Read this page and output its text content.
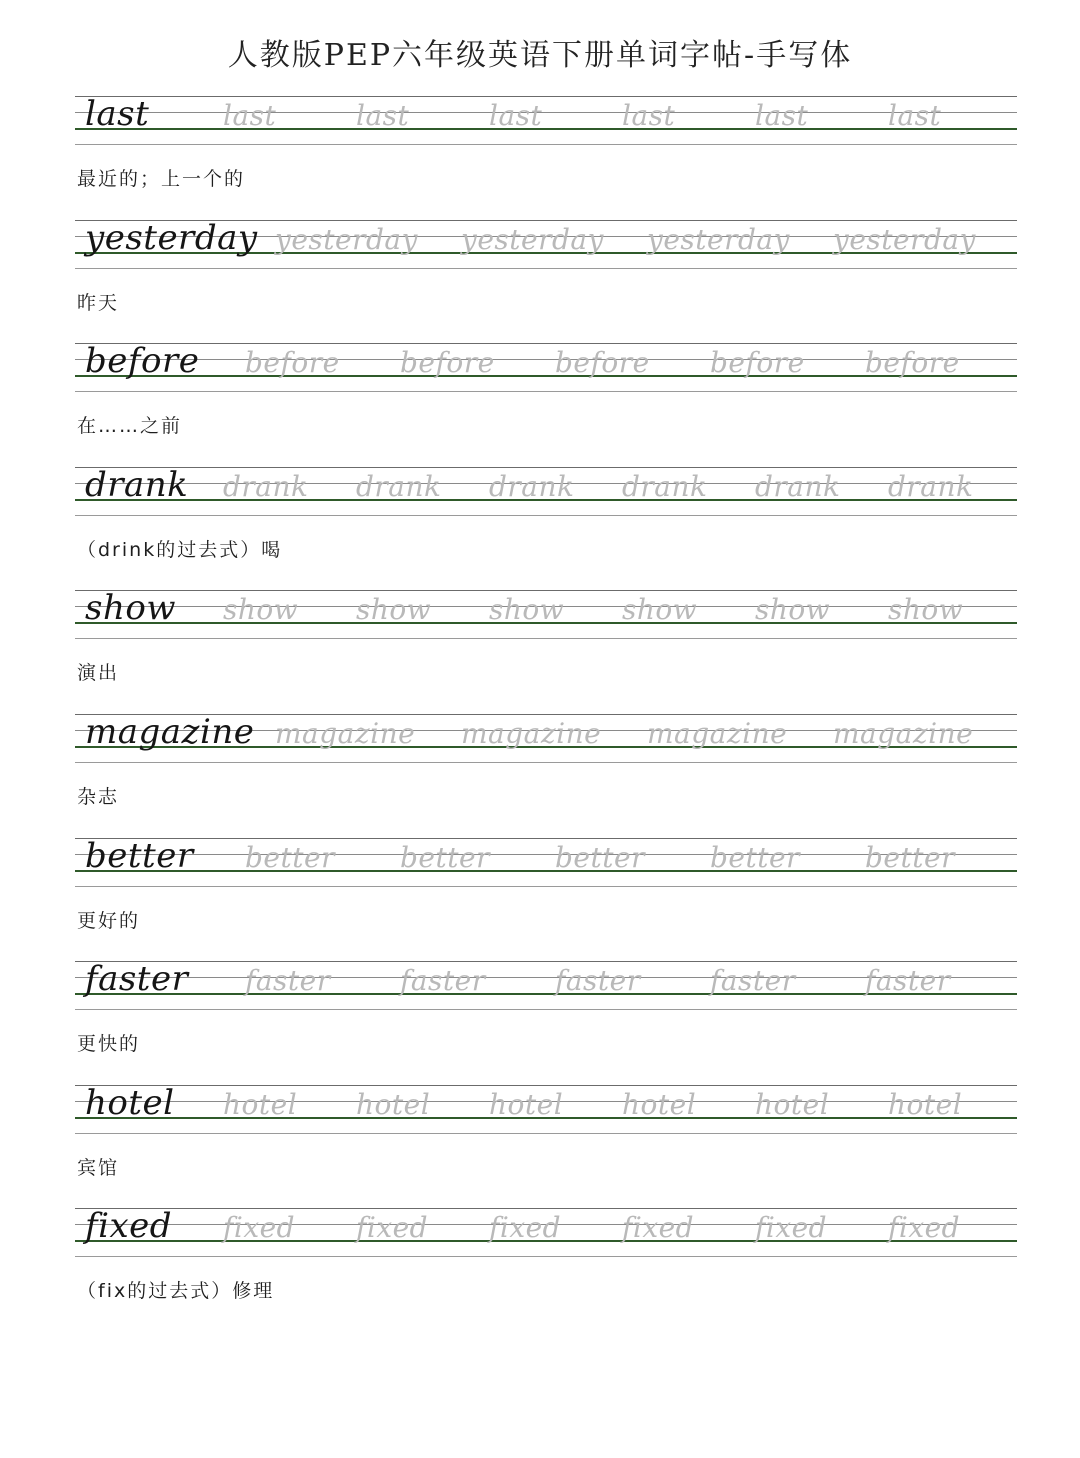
人教版PEP六年级英语下册单词字帖-手写体
last	last	last	last	last	last	last
最近的；上一个的
yesterday yesterday yesterday yesterday yesterday
昨天
before before before before before before
在……之前
drank drank drank drank drank drank drank
（drink的过去式）喝
show show show show show show show
演出
magazine magazine magazine magazine magazine
杂志
better better better better better better
更好的
faster faster faster faster faster faster
更快的
hotel hotel hotel hotel hotel hotel hotel
宾馆
fixed fixed fixed fixed fixed fixed fixed
（fix的过去式）修理
